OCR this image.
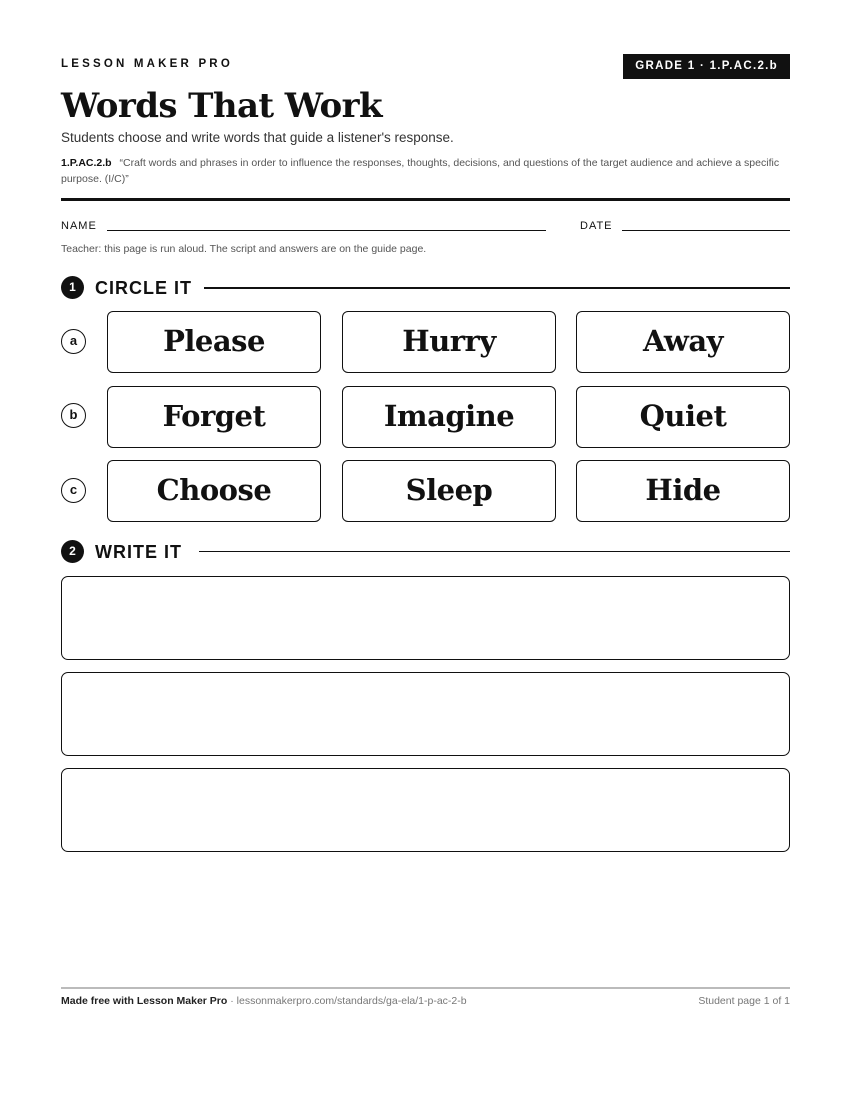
LESSON MAKER PRO	GRADE 1 · 1.P.AC.2.b
Words That Work
Students choose and write words that guide a listener's response.
1.P.AC.2.b “Craft words and phrases in order to influence the responses, thoughts, decisions, and questions of the target audience and achieve a specific purpose. (I/C)”
NAME	DATE
Teacher: this page is run aloud. The script and answers are on the guide page.
1	CIRCLE IT
a	Please	Hurry	Away
b	Forget	Imagine	Quiet
c	Choose	Sleep	Hide
2	WRITE IT
Made free with Lesson Maker Pro · lessonmakerpro.com/standards/ga-ela/1-p-ac-2-b	Student page 1 of 1
